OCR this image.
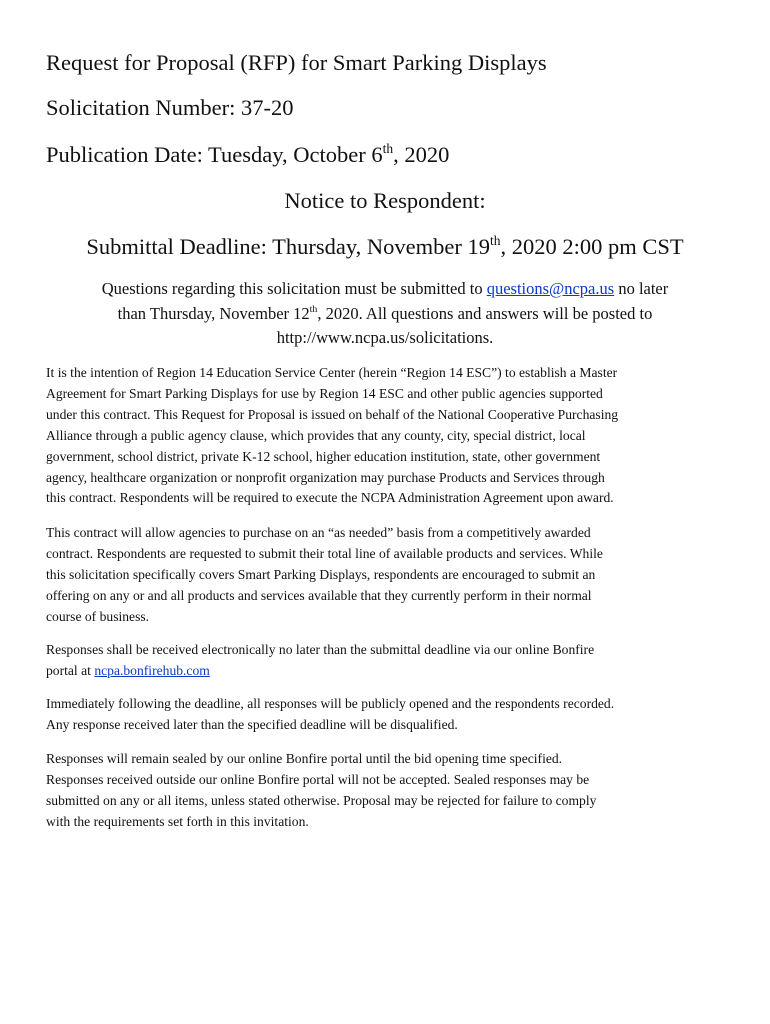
Request for Proposal (RFP) for Smart Parking Displays
Solicitation Number: 37-20
Publication Date: Tuesday, October 6th, 2020
Notice to Respondent:
Submittal Deadline: Thursday, November 19th, 2020 2:00 pm CST
Questions regarding this solicitation must be submitted to questions@ncpa.us no later
than Thursday, November 12th, 2020. All questions and answers will be posted to
http://www.ncpa.us/solicitations.
It is the intention of Region 14 Education Service Center (herein “Region 14 ESC”) to establish a Master
Agreement for Smart Parking Displays for use by Region 14 ESC and other public agencies supported
under this contract. This Request for Proposal is issued on behalf of the National Cooperative Purchasing
Alliance through a public agency clause, which provides that any county, city, special district, local
government, school district, private K-12 school, higher education institution, state, other government
agency, healthcare organization or nonprofit organization may purchase Products and Services through
this contract. Respondents will be required to execute the NCPA Administration Agreement upon award.
This contract will allow agencies to purchase on an “as needed” basis from a competitively awarded
contract. Respondents are requested to submit their total line of available products and services. While
this solicitation specifically covers Smart Parking Displays, respondents are encouraged to submit an
offering on any or and all products and services available that they currently perform in their normal
course of business.
Responses shall be received electronically no later than the submittal deadline via our online Bonfire
portal at ncpa.bonfirehub.com
Immediately following the deadline, all responses will be publicly opened and the respondents recorded.
Any response received later than the specified deadline will be disqualified.
Responses will remain sealed by our online Bonfire portal until the bid opening time specified.
Responses received outside our online Bonfire portal will not be accepted. Sealed responses may be
submitted on any or all items, unless stated otherwise. Proposal may be rejected for failure to comply
with the requirements set forth in this invitation.
